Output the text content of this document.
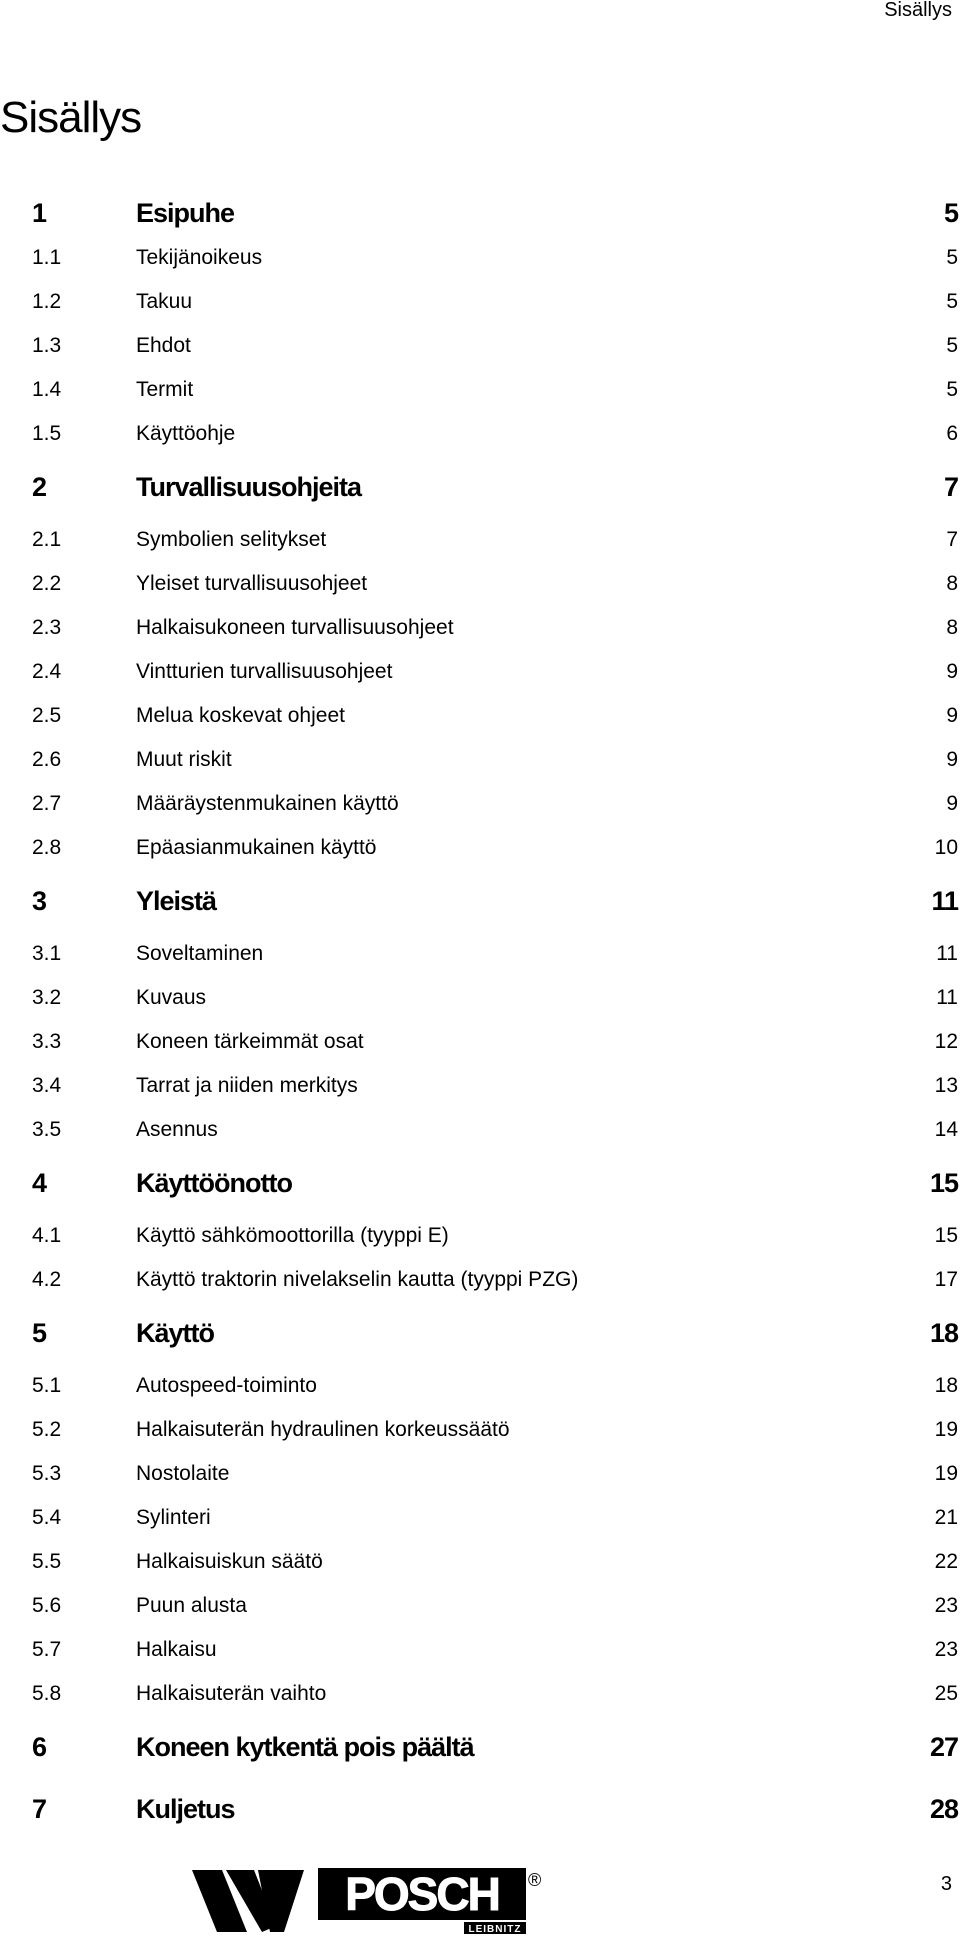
Sisällys
Sisällys
1	Esipuhe	5
1.1	Tekijänoikeus	5
1.2	Takuu	5
1.3	Ehdot	5
1.4	Termit	5
1.5	Käyttöohje	6
2	Turvallisuusohjeita	7
2.1	Symbolien selitykset	7
2.2	Yleiset turvallisuusohjeet	8
2.3	Halkaisukoneen turvallisuusohjeet	8
2.4	Vintturien turvallisuusohjeet	9
2.5	Melua koskevat ohjeet	9
2.6	Muut riskit	9
2.7	Määräystenmukainen käyttö	9
2.8	Epäasianmukainen käyttö	10
3	Yleistä	11
3.1	Soveltaminen	11
3.2	Kuvaus	11
3.3	Koneen tärkeimmät osat	12
3.4	Tarrat ja niiden merkitys	13
3.5	Asennus	14
4	Käyttöönotto	15
4.1	Käyttö sähkömoottorilla (tyyppi E)	15
4.2	Käyttö traktorin nivelakselin kautta (tyyppi PZG)	17
5	Käyttö	18
5.1	Autospeed-toiminto	18
5.2	Halkaisuterän hydraulinen korkeussäätö	19
5.3	Nostolaite	19
5.4	Sylinteri	21
5.5	Halkaisuiskun säätö	22
5.6	Puun alusta	23
5.7	Halkaisu	23
5.8	Halkaisuterän vaihto	25
6	Koneen kytkentä pois päältä	27
7	Kuljetus	28
POSCH
LEIBNITZ
®	3
